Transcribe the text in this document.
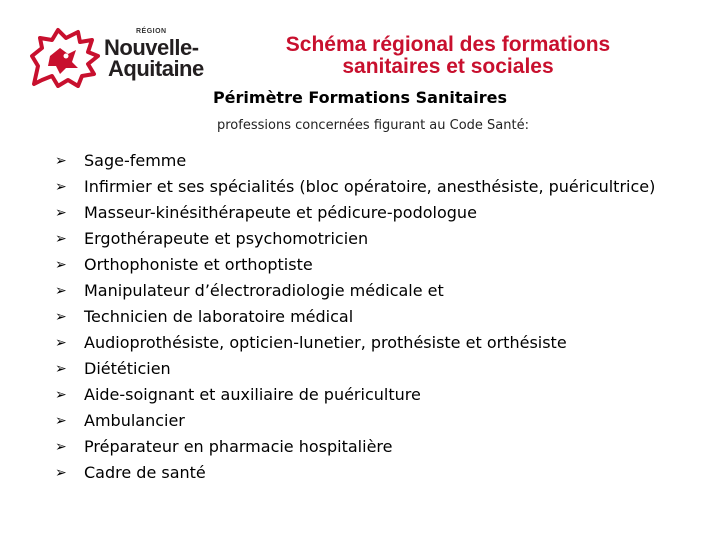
RÉGION
Nouvelle-
Aquitaine
Schéma régional des formations
sanitaires et sociales
Périmètre Formations Sanitaires
professions concernées figurant au Code Santé:
➢ Sage-femme
➢ Infirmier et ses spécialités (bloc opératoire, anesthésiste, puéricultrice)
➢ Masseur-kinésithérapeute et pédicure-podologue
➢ Ergothérapeute et psychomotricien
➢ Orthophoniste et orthoptiste
➢ Manipulateur d’électroradiologie médicale et
➢ Technicien de laboratoire médical
➢ Audioprothésiste, opticien-lunetier, prothésiste et orthésiste
➢ Diététicien
➢ Aide-soignant et auxiliaire de puériculture
➢ Ambulancier
➢ Préparateur en pharmacie hospitalière
➢ Cadre de santé
